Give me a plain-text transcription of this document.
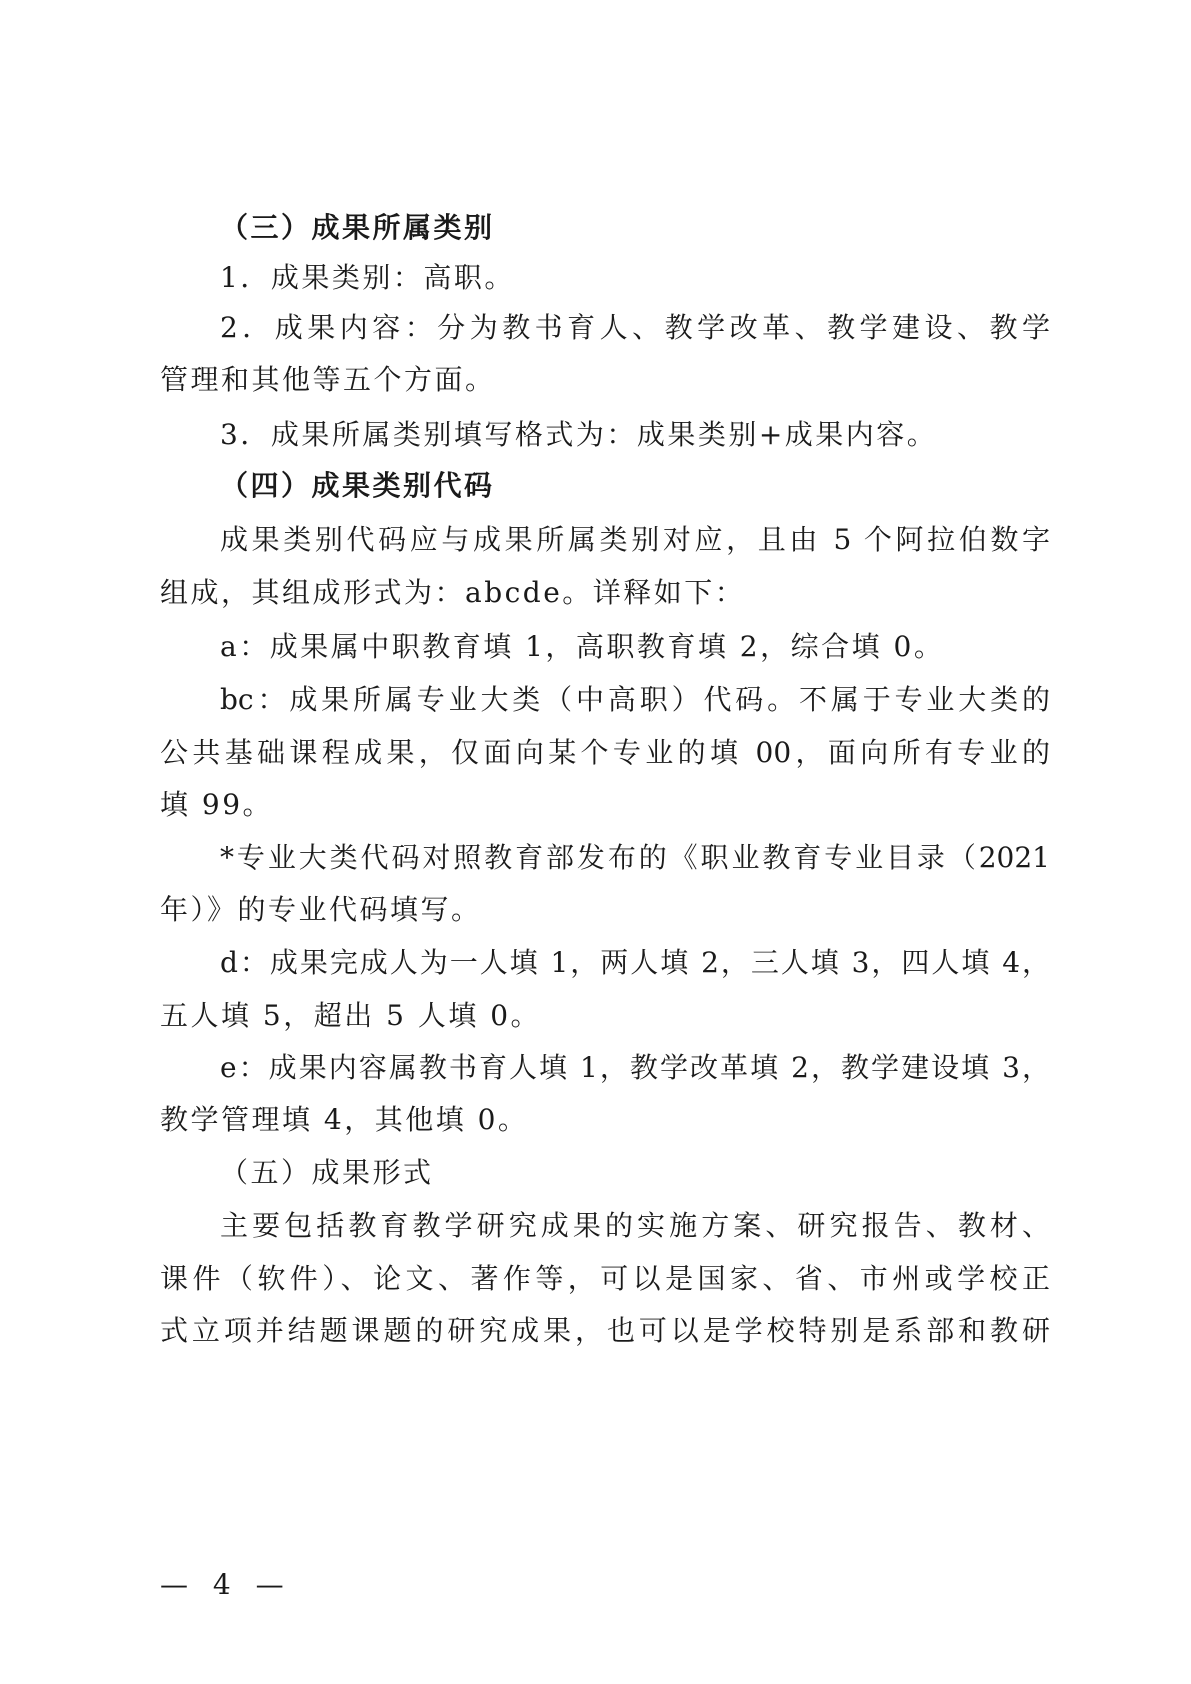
（三）成果所属类别
1．成果类别：高职。
2．成果内容：分为教书育人、教学改革、教学建设、教学
管理和其他等五个方面。
3．成果所属类别填写格式为：成果类别+成果内容。
（四）成果类别代码
成果类别代码应与成果所属类别对应，且由 5 个阿拉伯数字
组成，其组成形式为：abcde。详释如下：
a：成果属中职教育填 1，高职教育填 2，综合填 0。
bc：成果所属专业大类（中高职）代码。不属于专业大类的
公共基础课程成果，仅面向某个专业的填 00，面向所有专业的
填 99。
*专业大类代码对照教育部发布的《职业教育专业目录（2021
年）》的专业代码填写。
d：成果完成人为一人填 1，两人填 2，三人填 3，四人填 4，
五人填 5，超出 5 人填 0。
e：成果内容属教书育人填 1，教学改革填 2，教学建设填 3，
教学管理填 4，其他填 0。
（五）成果形式
主要包括教育教学研究成果的实施方案、研究报告、教材、
课件（软件）、论文、著作等，可以是国家、省、市州或学校正
式立项并结题课题的研究成果，也可以是学校特别是系部和教研
— 4 —
